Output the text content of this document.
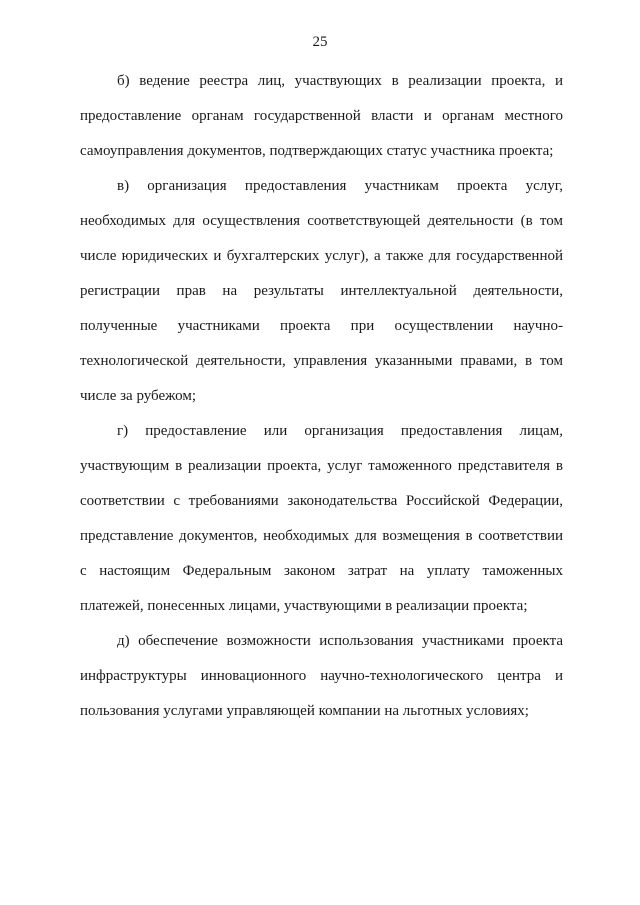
25
б) ведение реестра лиц, участвующих в реализации проекта, и
предоставление органам государственной власти и органам местного
самоуправления документов, подтверждающих статус участника проекта;
в) организация предоставления участникам проекта услуг,
необходимых для осуществления соответствующей деятельности (в том
числе юридических и бухгалтерских услуг), а также для государственной
регистрации прав на результаты интеллектуальной деятельности,
полученные участниками проекта при осуществлении научно-
технологической деятельности, управления указанными правами, в том
числе за рубежом;
г) предоставление или организация предоставления лицам,
участвующим в реализации проекта, услуг таможенного представителя в
соответствии с требованиями законодательства Российской Федерации,
представление документов, необходимых для возмещения в соответствии
с настоящим Федеральным законом затрат на уплату таможенных
платежей, понесенных лицами, участвующими в реализации проекта;
д) обеспечение возможности использования участниками проекта
инфраструктуры инновационного научно-технологического центра и
пользования услугами управляющей компании на льготных условиях;
